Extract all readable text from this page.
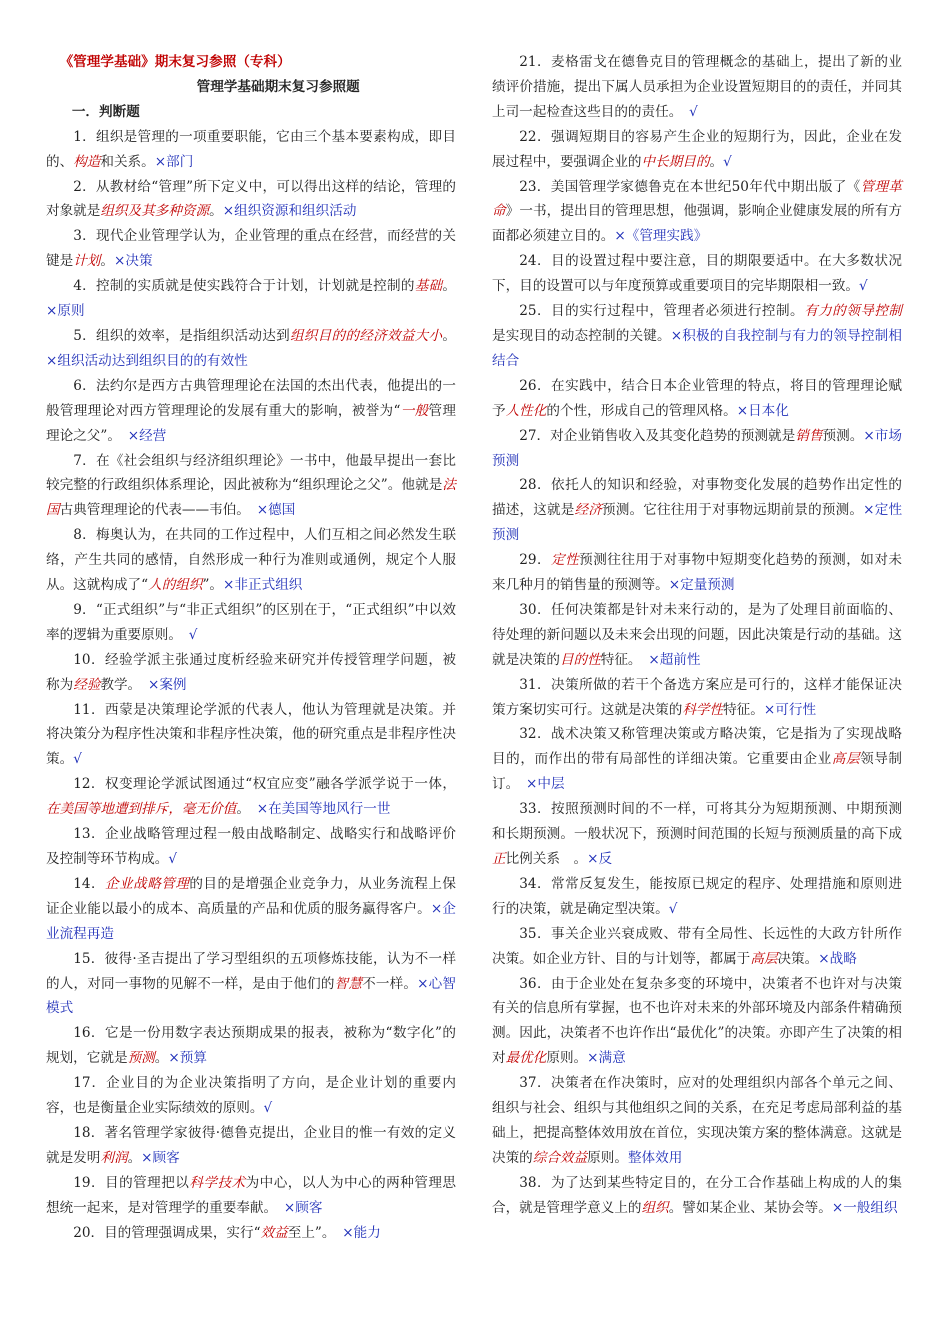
《管理学基础》期末复习参照（专科）

管理学基础期末复习参照题

一．判断题

1．组织是管理的一项重要职能，它由三个基本要素构成，即目的、构造和关系。×部门

2．从教材给“管理”所下定义中，可以得出这样的结论，管理的对象就是组织及其多种资源。×组织资源和组织活动

3．现代企业管理学认为，企业管理的重点在经营，而经营的关键是计划。×决策

4．控制的实质就是使实践符合于计划，计划就是控制的基础。×原则

5．组织的效率，是指组织活动达到组织目的的经济效益大小。×组织活动达到组织目的的有效性

6．法约尔是西方古典管理理论在法国的杰出代表，他提出的一般管理理论对西方管理理论的发展有重大的影响，被誉为“一般管理理论之父”。　×经营

7．在《社会组织与经济组织理论》一书中，他最早提出一套比较完整的行政组织体系理论，因此被称为“组织理论之父”。他就是法国古典管理理论的代表——韦伯。　×德国

8．梅奥认为，在共同的工作过程中，人们互相之间必然发生联络，产生共同的感情，自然形成一种行为准则或通例，规定个人服从。这就构成了“人的组织”。×非正式组织

9．“正式组织”与“非正式组织”的区别在于，“正式组织”中以效率的逻辑为重要原则。　√

10．经验学派主张通过度析经验来研究并传授管理学问题，被称为经验教学。　×案例

11．西蒙是决策理论学派的代表人，他认为管理就是决策。并将决策分为程序性决策和非程序性决策，他的研究重点是非程序性决策。√

12．权变理论学派试图通过“权宜应变”融各学派学说于一体，在美国等地遭到排斥，毫无价值。　×在美国等地风行一世

13．企业战略管理过程一般由战略制定、战略实行和战略评价及控制等环节构成。√

14．企业战略管理的目的是增强企业竞争力，从业务流程上保证企业能以最小的成本、高质量的产品和优质的服务赢得客户。×企业流程再造

15．彼得·圣吉提出了学习型组织的五项修炼技能，认为不一样的人，对同一事物的见解不一样，是由于他们的智慧不一样。×心智模式

16．它是一份用数字表达预期成果的报表，被称为“数字化”的规划，它就是预测。×预算

17．企业目的为企业决策指明了方向，是企业计划的重要内容，也是衡量企业实际绩效的原则。√

18．著名管理学家彼得·德鲁克提出，企业目的惟一有效的定义就是发明利润。×顾客

19．目的管理把以科学技术为中心，以人为中心的两种管理思想统一起来，是对管理学的重要奉献。　×顾客

20．目的管理强调成果，实行“效益至上”。　×能力

21．麦格雷戈在德鲁克目的管理概念的基础上，提出了新的业绩评价措施，提出下属人员承担为企业设置短期目的的责任，并同其上司一起检查这些目的的责任。　√

22．强调短期目的容易产生企业的短期行为，因此，企业在发展过程中，要强调企业的中长期目的。√

23．美国管理学家德鲁克在本世纪50年代中期出版了《管理革命》一书，提出目的管理思想，他强调，影响企业健康发展的所有方面都必须建立目的。×《管理实践》

24．目的设置过程中要注意，目的期限要适中。在大多数状况下，目的设置可以与年度预算或重要项目的完毕期限相一致。√

25．目的实行过程中，管理者必须进行控制。有力的领导控制是实现目的动态控制的关键。×积极的自我控制与有力的领导控制相结合

26．在实践中，结合日本企业管理的特点，将目的管理理论赋予人性化的个性，形成自己的管理风格。×日本化

27．对企业销售收入及其变化趋势的预测就是销售预测。×市场预测

28．依托人的知识和经验，对事物变化发展的趋势作出定性的描述，这就是经济预测。它往往用于对事物远期前景的预测。×定性预测

29．定性预测往往用于对事物中短期变化趋势的预测，如对未来几种月的销售量的预测等。×定量预测

30．任何决策都是针对未来行动的，是为了处理目前面临的、待处理的新问题以及未来会出现的问题，因此决策是行动的基础。这就是决策的目的性特征。　×超前性

31．决策所做的若干个备选方案应是可行的，这样才能保证决策方案切实可行。这就是决策的科学性特征。×可行性

32．战术决策又称管理决策或方略决策，它是指为了实现战略目的，而作出的带有局部性的详细决策。它重要由企业高层领导制订。　×中层

33．按照预测时间的不一样，可将其分为短期预测、中期预测和长期预测。一般状况下，预测时间范围的长短与预测质量的高下成正比例关系　。×反

34．常常反复发生，能按原已规定的程序、处理措施和原则进行的决策，就是确定型决策。√

35．事关企业兴衰成败、带有全局性、长远性的大政方针所作决策。如企业方针、目的与计划等，都属于高层决策。×战略

36．由于企业处在复杂多变的环境中，决策者不也许对与决策有关的信息所有掌握，也不也许对未来的外部环境及内部条件精确预测。因此，决策者不也许作出“最优化”的决策。亦即产生了决策的相对最优化原则。×满意

37．决策者在作决策时，应对的处理组织内部各个单元之间、组织与社会、组织与其他组织之间的关系，在充足考虑局部利益的基础上，把提高整体效用放在首位，实现决策方案的整体满意。这就是决策的综合效益原则。整体效用

38．为了达到某些特定目的，在分工合作基础上构成的人的集合，就是管理学意义上的组织。譬如某企业、某协会等。×一般组织
